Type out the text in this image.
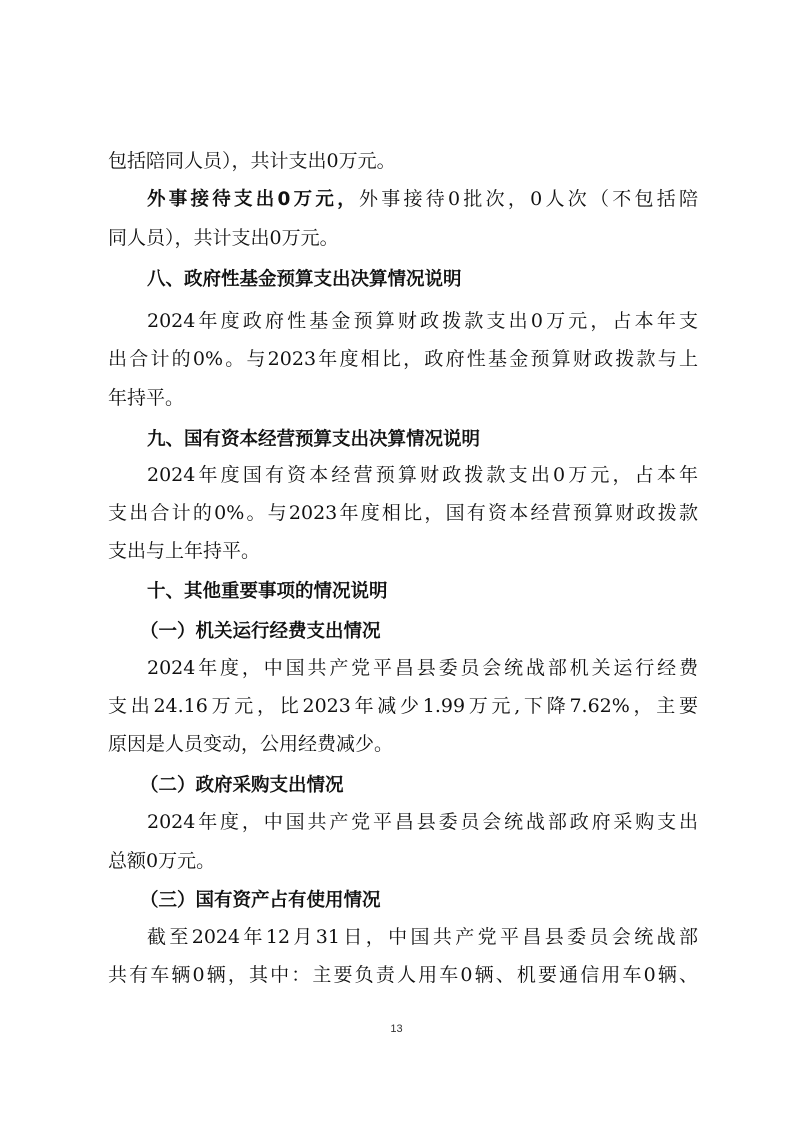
包括陪同人员），共计支出0万元。
外事接待支出0万元，外事接待0批次，0人次（不包括陪
同人员），共计支出0万元。
八、政府性基金预算支出决算情况说明
2024年度政府性基金预算财政拨款支出0万元，占本年支
出合计的0%。与2023年度相比，政府性基金预算财政拨款与上
年持平。
九、国有资本经营预算支出决算情况说明
2024年度国有资本经营预算财政拨款支出0万元，占本年
支出合计的0%。与2023年度相比，国有资本经营预算财政拨款
支出与上年持平。
十、其他重要事项的情况说明
（一）机关运行经费支出情况
2024年度，中国共产党平昌县委员会统战部机关运行经费
支出24.16万元，比2023年减少1.99万元,下降7.62%，主要
原因是人员变动，公用经费减少。
（二）政府采购支出情况
2024年度，中国共产党平昌县委员会统战部政府采购支出
总额0万元。
（三）国有资产占有使用情况
截至2024年12月31日，中国共产党平昌县委员会统战部
共有车辆0辆，其中：主要负责人用车0辆、机要通信用车0辆、
13
